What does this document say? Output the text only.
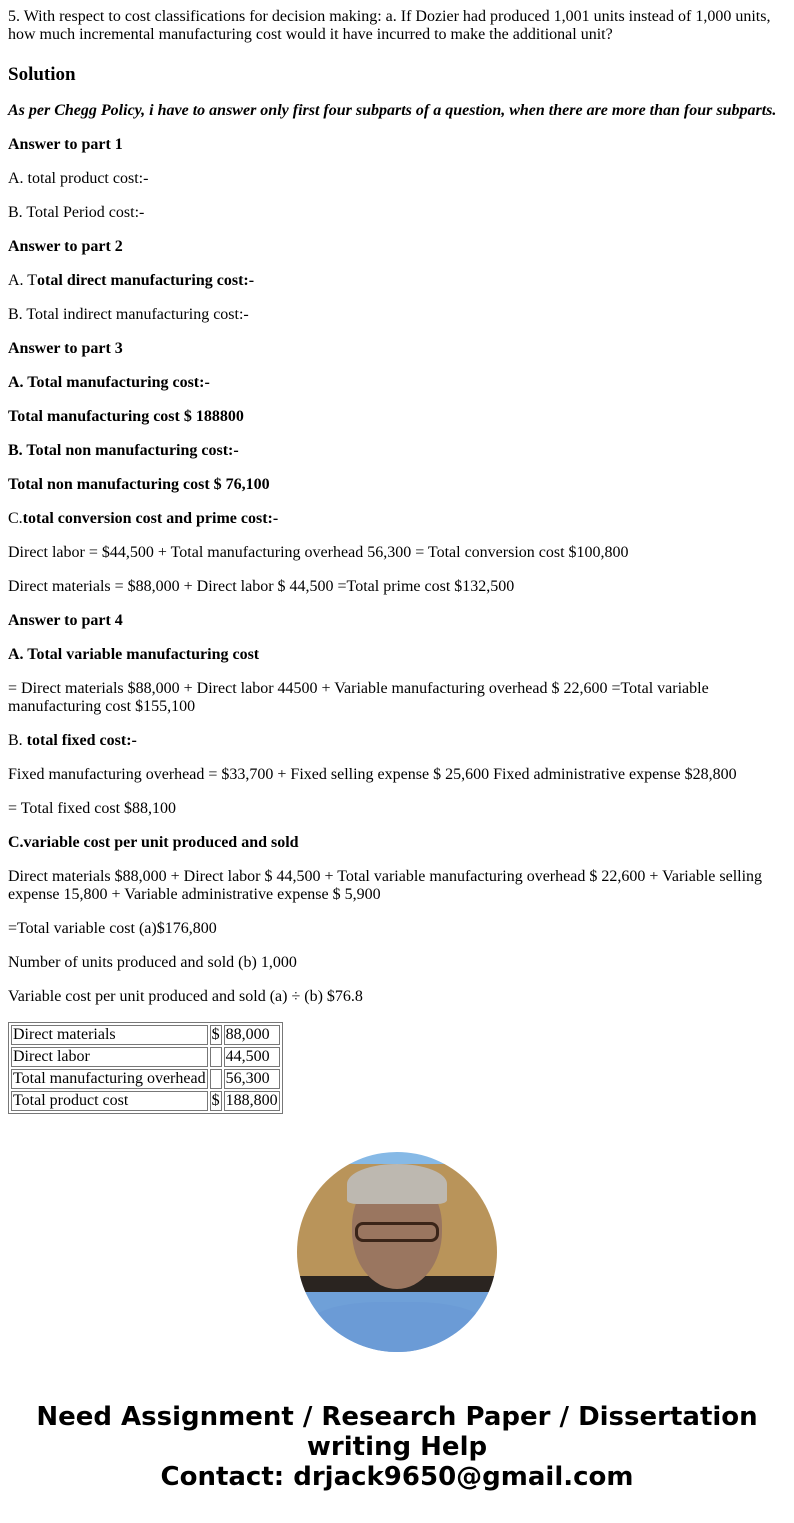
5. With respect to cost classifications for decision making: a. If Dozier had produced 1,001 units instead of 1,000 units, how much incremental manufacturing cost would it have incurred to make the additional unit?
Solution

As per Chegg Policy, i have to answer only first four subparts of a question, when there are more than four subparts.

Answer to part 1

A. total product cost:-

B. Total Period cost:-

Answer to part 2

A. Total direct manufacturing cost:-

B. Total indirect manufacturing cost:-

Answer to part 3

A. Total manufacturing cost:-

Total manufacturing cost $ 188800

B. Total non manufacturing cost:-

Total non manufacturing cost $ 76,100

C.total conversion cost and prime cost:-

Direct labor = $44,500 + Total manufacturing overhead 56,300 = Total conversion cost $100,800

Direct materials = $88,000 + Direct labor $ 44,500 =Total prime cost $132,500

Answer to part 4

A. Total variable manufacturing cost

= Direct materials $88,000 + Direct labor 44500 + Variable manufacturing overhead $ 22,600 =Total variable manufacturing cost $155,100

B. total fixed cost:-

Fixed manufacturing overhead = $33,700 + Fixed selling expense $ 25,600 Fixed administrative expense $28,800

= Total fixed cost $88,100

C.variable cost per unit produced and sold

Direct materials $88,000 + Direct labor $ 44,500 + Total variable manufacturing overhead $ 22,600 + Variable selling expense 15,800 + Variable administrative expense $ 5,900

=Total variable cost (a)$176,800

Number of units produced and sold (b) 1,000

Variable cost per unit produced and sold (a) ÷ (b) $76.8

Direct materials	$	88,000
Direct labor		44,500
Total manufacturing overhead		56,300
Total product cost	$	188,800
Need Assignment / Research Paper / Dissertation writing Help
Contact: drjack9650@gmail.com
